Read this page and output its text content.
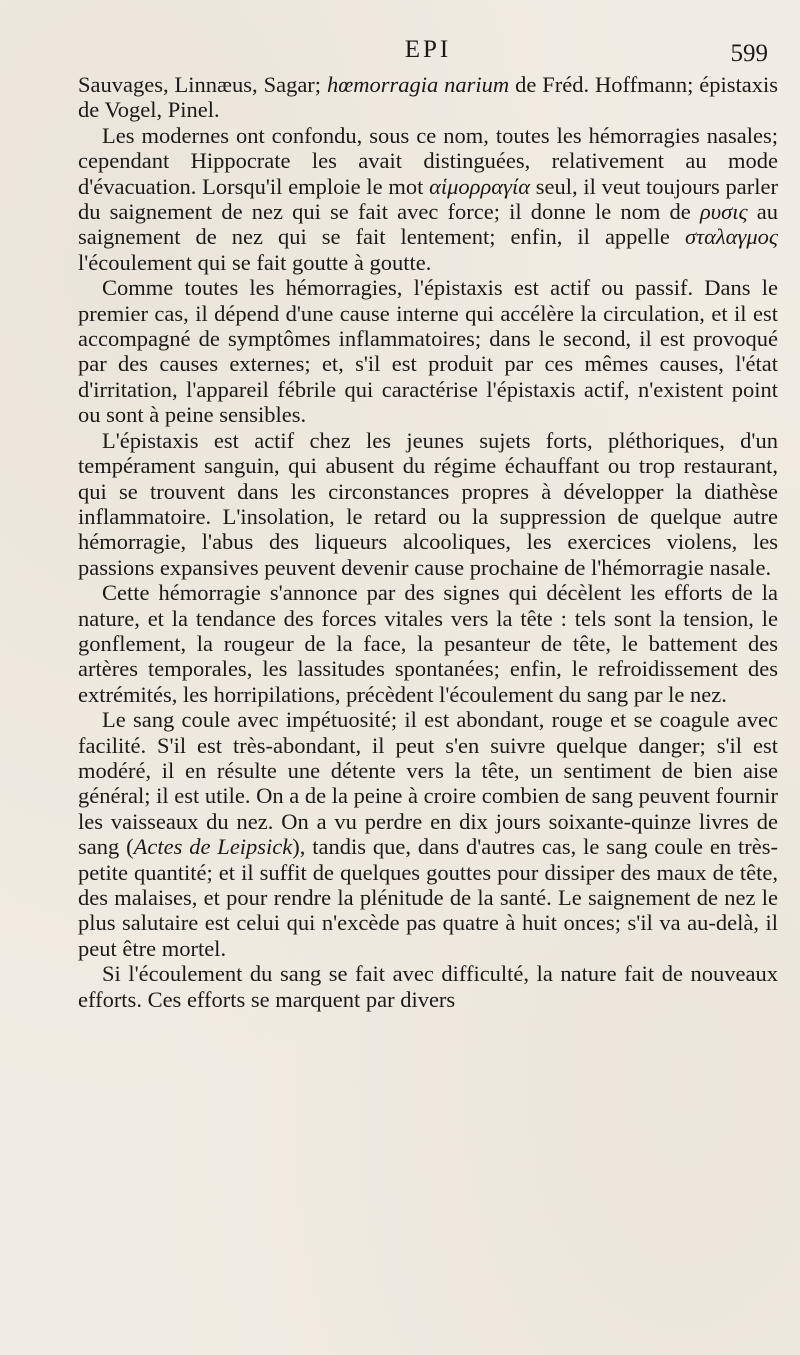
EPI	599

Sauvages, Linnæus, Sagar; hœmorragia narium de Fréd. Hoffmann; épistaxis de Vogel, Pinel.

Les modernes ont confondu, sous ce nom, toutes les hémorragies nasales; cependant Hippocrate les avait distinguées, relativement au mode d'évacuation. Lorsqu'il emploie le mot αἱμορραγία seul, il veut toujours parler du saignement de nez qui se fait avec force; il donne le nom de ρυσις au saignement de nez qui se fait lentement; enfin, il appelle σταλαγμος l'écoulement qui se fait goutte à goutte.

Comme toutes les hémorragies, l'épistaxis est actif ou passif. Dans le premier cas, il dépend d'une cause interne qui accélère la circulation, et il est accompagné de symptômes inflammatoires; dans le second, il est provoqué par des causes externes; et, s'il est produit par ces mêmes causes, l'état d'irritation, l'appareil fébrile qui caractérise l'épistaxis actif, n'existent point ou sont à peine sensibles.

L'épistaxis est actif chez les jeunes sujets forts, pléthoriques, d'un tempérament sanguin, qui abusent du régime échauffant ou trop restaurant, qui se trouvent dans les circonstances propres à développer la diathèse inflammatoire. L'insolation, le retard ou la suppression de quelque autre hémorragie, l'abus des liqueurs alcooliques, les exercices violens, les passions expansives peuvent devenir cause prochaine de l'hémorragie nasale.

Cette hémorragie s'annonce par des signes qui décèlent les efforts de la nature, et la tendance des forces vitales vers la tête : tels sont la tension, le gonflement, la rougeur de la face, la pesanteur de tête, le battement des artères temporales, les lassitudes spontanées; enfin, le refroidissement des extrémités, les horripilations, précèdent l'écoulement du sang par le nez.

Le sang coule avec impétuosité; il est abondant, rouge et se coagule avec facilité. S'il est très-abondant, il peut s'en suivre quelque danger; s'il est modéré, il en résulte une détente vers la tête, un sentiment de bien aise général; il est utile. On a de la peine à croire combien de sang peuvent fournir les vaisseaux du nez. On a vu perdre en dix jours soixante-quinze livres de sang (Actes de Leipsick), tandis que, dans d'autres cas, le sang coule en très-petite quantité; et il suffit de quelques gouttes pour dissiper des maux de tête, des malaises, et pour rendre la plénitude de la santé. Le saignement de nez le plus salutaire est celui qui n'excède pas quatre à huit onces; s'il va au-delà, il peut être mortel.

Si l'écoulement du sang se fait avec difficulté, la nature fait de nouveaux efforts. Ces efforts se marquent par divers
